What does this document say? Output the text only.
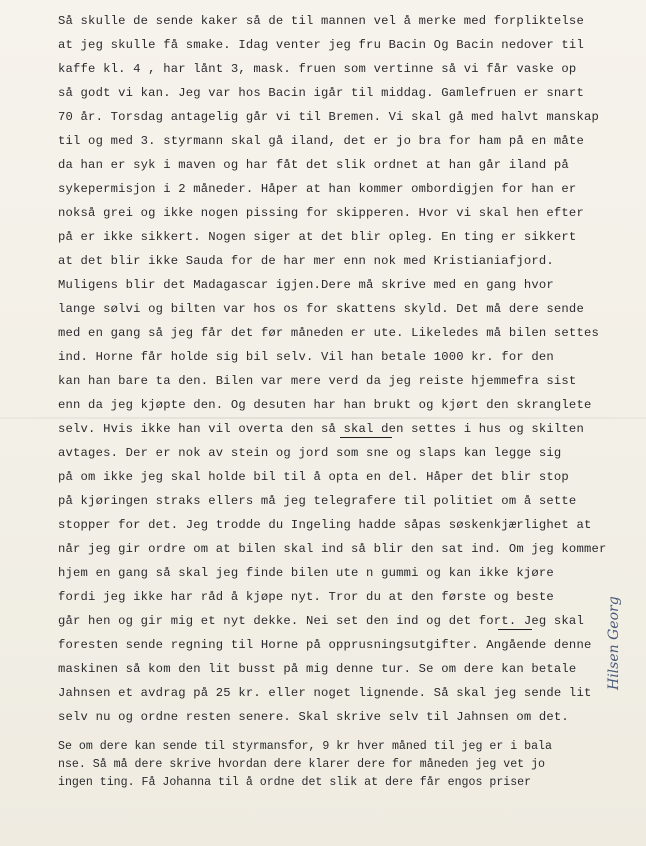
Så skulle de sende kaker så de til mannen vel å merke med forpliktelse
at jeg skulle få smake. Idag venter jeg fru Bacin Og Bacin nedover til
kaffe kl. 4 , har lånt 3, mask. fruen som vertinne så vi får vaske op
så godt vi kan. Jeg var hos Bacin igår til middag. Gamlefruen er snart
70 år. Torsdag antagelig går vi til Bremen. Vi skal gå med halvt manskap
til og med 3. styrmann skal gå iland, det er jo bra for ham på en måte
da han er syk i maven og har fåt det slik ordnet at han går iland på
sykepermisjon i 2 måneder. Håper at han kommer ombordigjen for han er
nokså grei og ikke nogen pissing for skipperen. Hvor vi skal hen efter
på er ikke sikkert. Nogen siger at det blir opleg. En ting er sikkert
at det blir ikke Sauda for de har mer enn nok med Kristianiafjord.
Muligens blir det Madagascar igjen.Dere må skrive med en gang hvor
lange sølvi og bilten var hos os for skattens skyld. Det må dere sende
med en gang så jeg får det før måneden er ute. Likeledes må bilen settes
ind. Horne får holde sig bil selv. Vil han betale 1000 kr. for den
kan han bare ta den. Bilen var mere verd da jeg reiste hjemmefra sist
enn da jeg kjøpte den. Og desuten har han brukt og kjørt den skranglete
selv. Hvis ikke han vil overta den så skal den settes i hus og skilten
avtages. Der er nok av stein og jord som sne og slaps kan legge sig
på om ikke jeg skal holde bil til å opta en del. Håper det blir stop
på kjøringen straks ellers må jeg telegrafere til politiet om å sette
stopper for det. Jeg trodde du Ingeling hadde såpas søskenkjærlighet at
når jeg gir ordre om at bilen skal ind så blir den sat ind. Om jeg kommer
hjem en gang så skal jeg finde bilen ute n gummi og kan ikke kjøre
fordi jeg ikke har råd å kjøpe nyt. Tror du at den første og beste
går hen og gir mig et nyt dekke. Nei set den ind og det fort. Jeg skal
foresten sende regning til Horne på opprusningsutgifter. Angående denne
maskinen så kom den lit busst på mig denne tur. Se om dere kan betale
Jahnsen et avdrag på 25 kr. eller noget lignende. Så skal jeg sende lit
selv nu og ordne resten senere. Skal skrive selv til Jahnsen om det.
Se om dere kan sende til styrmansfor, 9 kr hver måned til jeg er i bala
nse. Så må dere skrive hvordan dere klarer dere for måneden jeg vet jo
ingen ting. Få Johanna til å ordne det slik at dere får engos priser
Hilsen Georg
